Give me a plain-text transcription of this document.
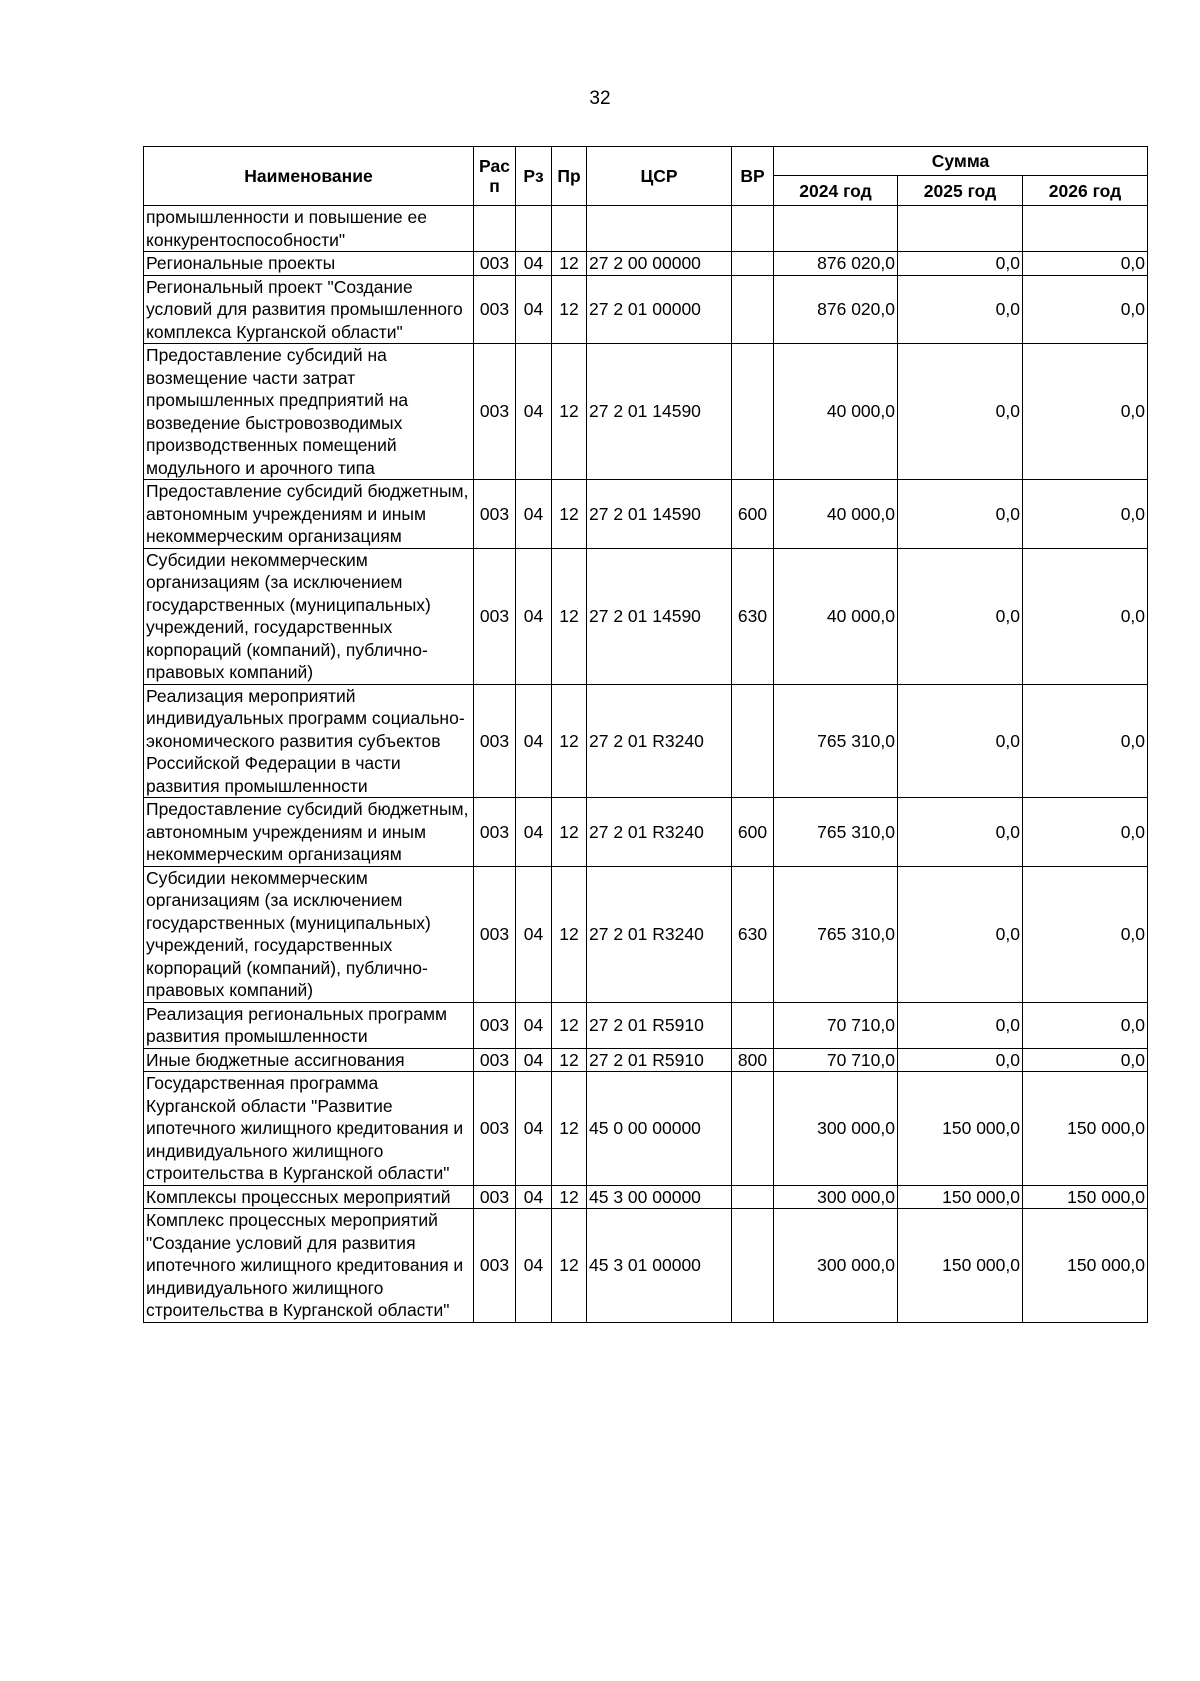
32
Наименование	Рас п	Рз	Пр	ЦСР	ВР	Сумма		
						2024 год	2025 год	2026 год
промышленности и повышение ее конкурентоспособности"								
Региональные проекты	003	04	12	27 2 00 00000		876 020,0	0,0	0,0
Региональный проект "Создание условий для развития промышленного комплекса Курганской области"	003	04	12	27 2 01 00000		876 020,0	0,0	0,0
Предоставление субсидий на возмещение части затрат промышленных предприятий на возведение быстровозводимых производственных помещений модульного и арочного типа	003	04	12	27 2 01 14590		40 000,0	0,0	0,0
Предоставление субсидий бюджетным, автономным учреждениям и иным некоммерческим организациям	003	04	12	27 2 01 14590	600	40 000,0	0,0	0,0
Субсидии некоммерческим организациям (за исключением государственных (муниципальных) учреждений, государственных корпораций (компаний), публично-правовых компаний)	003	04	12	27 2 01 14590	630	40 000,0	0,0	0,0
Реализация мероприятий индивидуальных программ социально-экономического развития субъектов Российской Федерации в части развития промышленности	003	04	12	27 2 01 R3240		765 310,0	0,0	0,0
Предоставление субсидий бюджетным, автономным учреждениям и иным некоммерческим организациям	003	04	12	27 2 01 R3240	600	765 310,0	0,0	0,0
Субсидии некоммерческим организациям (за исключением государственных (муниципальных) учреждений, государственных корпораций (компаний), публично-правовых компаний)	003	04	12	27 2 01 R3240	630	765 310,0	0,0	0,0
Реализация региональных программ развития промышленности	003	04	12	27 2 01 R5910		70 710,0	0,0	0,0
Иные бюджетные ассигнования	003	04	12	27 2 01 R5910	800	70 710,0	0,0	0,0
Государственная программа Курганской области "Развитие ипотечного жилищного кредитования и индивидуального жилищного строительства в Курганской области"	003	04	12	45 0 00 00000		300 000,0	150 000,0	150 000,0
Комплексы процессных мероприятий	003	04	12	45 3 00 00000		300 000,0	150 000,0	150 000,0
Комплекс процессных мероприятий "Создание условий для развития ипотечного жилищного кредитования и индивидуального жилищного строительства в Курганской области"	003	04	12	45 3 01 00000		300 000,0	150 000,0	150 000,0
